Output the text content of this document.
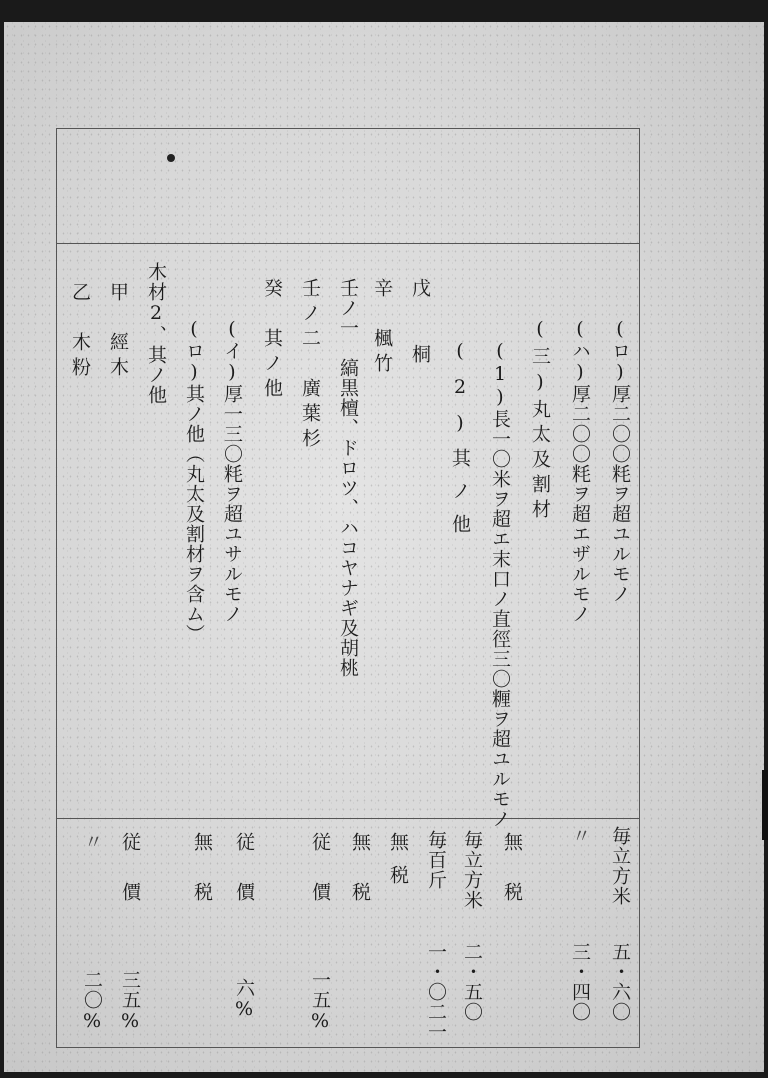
(ロ)厚二〇〇粍ヲ超ユルモノ
(ハ)厚二〇〇粍ヲ超エザルモノ
(三)丸太及割材
(1)長一〇米ヲ超エ末口ノ直徑三〇糎ヲ超ユルモノ
(2)其ノ他
戊　桐
辛　楓竹
壬ノ一　縞黒檀、ドロツ、ハコヤナギ及胡桃
壬ノ二　廣葉杉
癸　其ノ他
(イ)厚一三〇粍ヲ超ユサルモノ
(ロ)其ノ他（丸太及割材ヲ含ム）
木材2、其ノ他
甲　經木
乙　木粉
毎立方米
五・六〇
〃
三・四〇
無　税
毎立方米
二・五〇
毎百斤
一・〇二一
無税
無　税
従　價
一五%
従　價
六%
無　税
従　價
三五%
〃
二〇%
